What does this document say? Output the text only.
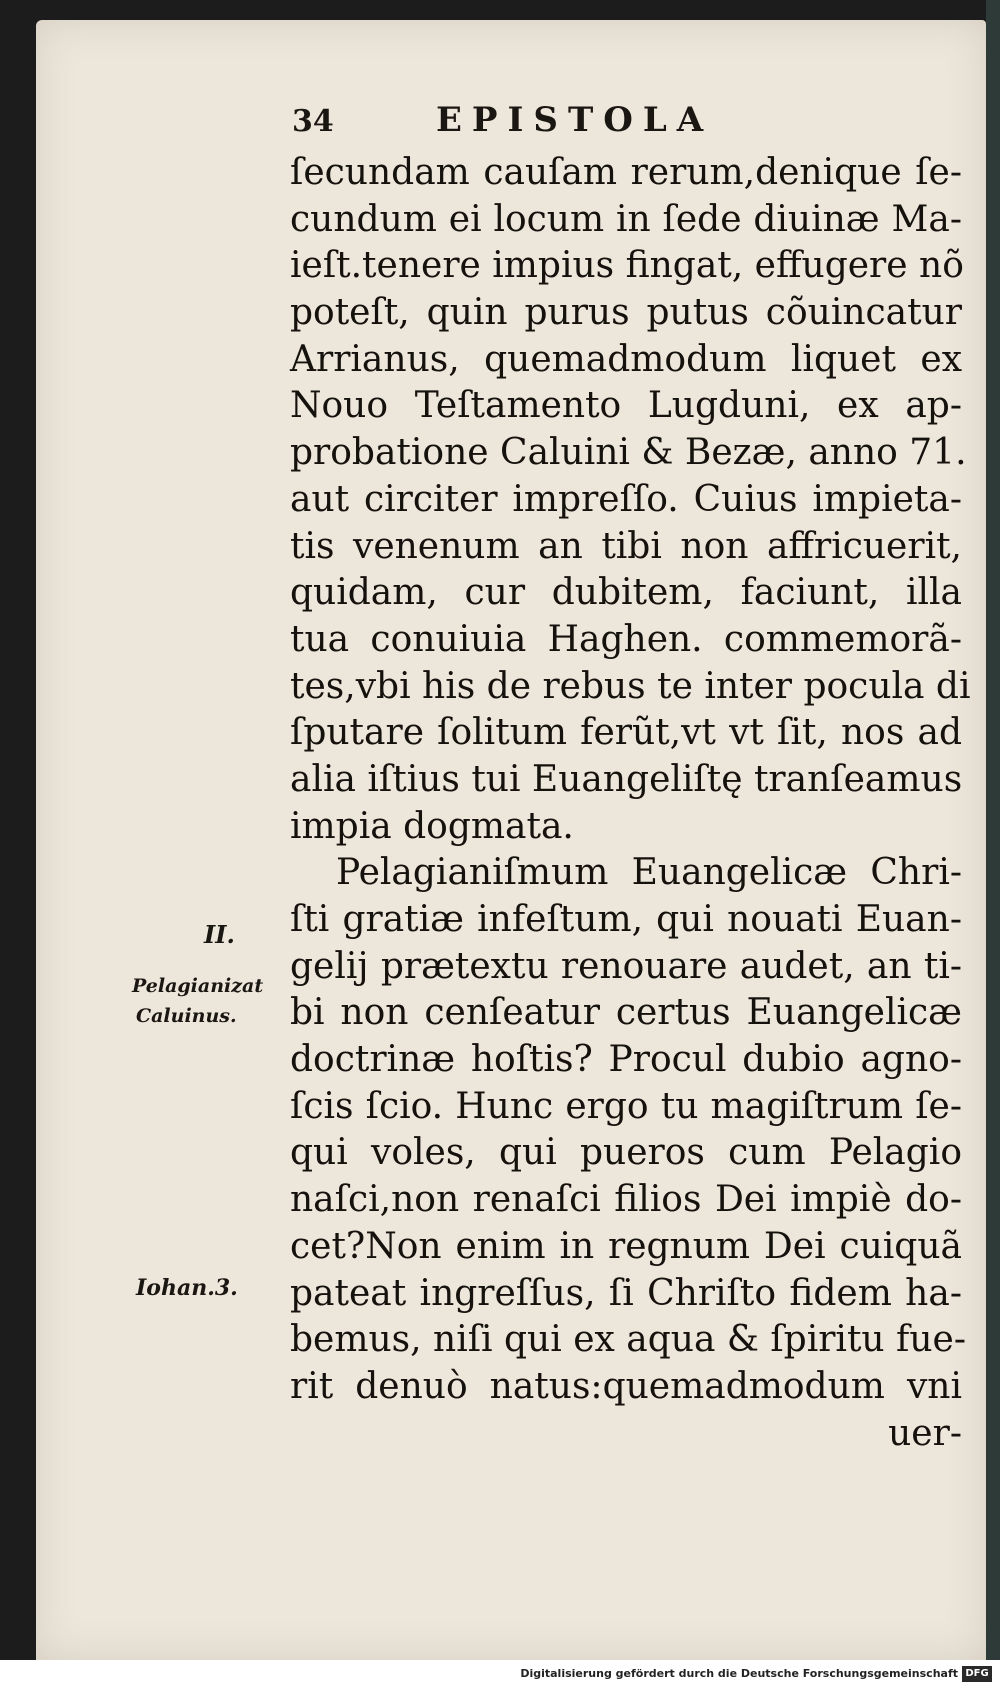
34	EPISTOLA
ſecundam cauſam rerum,denique ſe-
cundum ei locum in ſede diuinæ Ma-
ieſt.tenere impius fingat, effugere nõ
poteſt, quin purus putus cõuincatur
Arrianus, quemadmodum liquet ex
Nouo Teſtamento Lugduni, ex ap-
probatione Caluini & Bezæ, anno 71.
aut circiter impreſſo. Cuius impieta-
tis venenum an tibi non affricuerit,
quidam, cur dubitem, faciunt, illa
tua conuiuia Haghen. commemorã-
tes,vbi his de rebus te inter pocula di
ſputare ſolitum ferũt,vt vt ſit, nos ad
alia iſtius tui Euangeliſtę tranſeamus
impia dogmata.
Pelagianiſmum Euangelicæ Chri-
ſti gratiæ infeſtum, qui nouati Euan-
gelij prætextu renouare audet, an ti-
bi non cenſeatur certus Euangelicæ
doctrinæ hoſtis? Procul dubio agno-
ſcis ſcio. Hunc ergo tu magiſtrum ſe-
qui voles, qui pueros cum Pelagio
naſci,non renaſci filios Dei impiè do-
cet?Non enim in regnum Dei cuiquã
pateat ingreſſus, ſi Chriſto fidem ha-
bemus, niſi qui ex aqua & ſpiritu fue-
rit denuò natus:quemadmodum vni
uer-
II.
Pelagianizat
Caluinus.
Iohan.3.
Digitalisierung gefördert durch die Deutsche Forschungsgemeinschaft DFG
